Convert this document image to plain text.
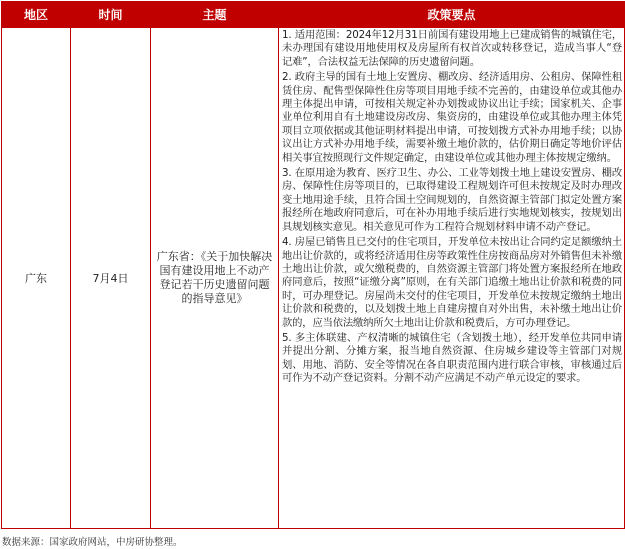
地区	时间	主题	政策要点
广东	7月4日	广东省：《关于加快解决国有建设用地上不动产登记若干历史遗留问题的指导意见》	1. 适用范围：2024年12月31日前国有建设用地上已建成销售的城镇住宅，未办理国有建设用地使用权及房屋所有权首次或转移登记，造成当事人“登记难”，合法权益无法保障的历史遗留问题。

2. 政府主导的国有土地上安置房、棚改房、经济适用房、公租房、保障性租赁住房、配售型保障性住房等项目用地手续不完善的，由建设单位或其他办理主体提出申请，可按相关规定补办划拨或协议出让手续；国家机关、企事业单位利用自有土地建设房改房、集资房的，由建设单位或其他办理主体凭项目立项依据或其他证明材料提出申请，可按划拨方式补办用地手续；以协议出让方式补办用地手续，需要补缴土地价款的，估价期日确定等地价评估相关事宜按照现行文件规定确定，由建设单位或其他办理主体按规定缴纳。

3. 在原用途为教育、医疗卫生、办公、工业等划拨土地上建设安置房、棚改房、保障性住房等项目的，已取得建设工程规划许可但未按规定及时办理改变土地用途手续，且符合国土空间规划的，自然资源主管部门拟定处置方案报经所在地政府同意后，可在补办用地手续后进行实地规划核实，按规划出具规划核实意见。相关意见可作为工程符合规划材料申请不动产登记。

4. 房屋已销售且已交付的住宅项目，开发单位未按出让合同约定足额缴纳土地出让价款的，或将经济适用住房等政策性住房按商品房对外销售但未补缴土地出让价款，或欠缴税费的，自然资源主管部门将处置方案报经所在地政府同意后，按照“证缴分离”原则，在有关部门追缴土地出让价款和税费的同时，可办理登记。房屋尚未交付的住宅项目，开发单位未按规定缴纳土地出让价款和税费的，以及划拨土地上自建房擅自对外出售，未补缴土地出让价款的，应当依法缴纳所欠土地出让价款和税费后，方可办理登记。

5. 多主体联建、产权清晰的城镇住宅（含划拨土地），经开发单位共同申请并提出分割、分摊方案，报当地自然资源、住房城乡建设等主管部门对规划、用地、消防、安全等情况在各自职责范围内进行联合审核，审核通过后可作为不动产登记资料。分割不动产应满足不动产单元设定的要求。

数据来源：国家政府网站，中房研协整理。
